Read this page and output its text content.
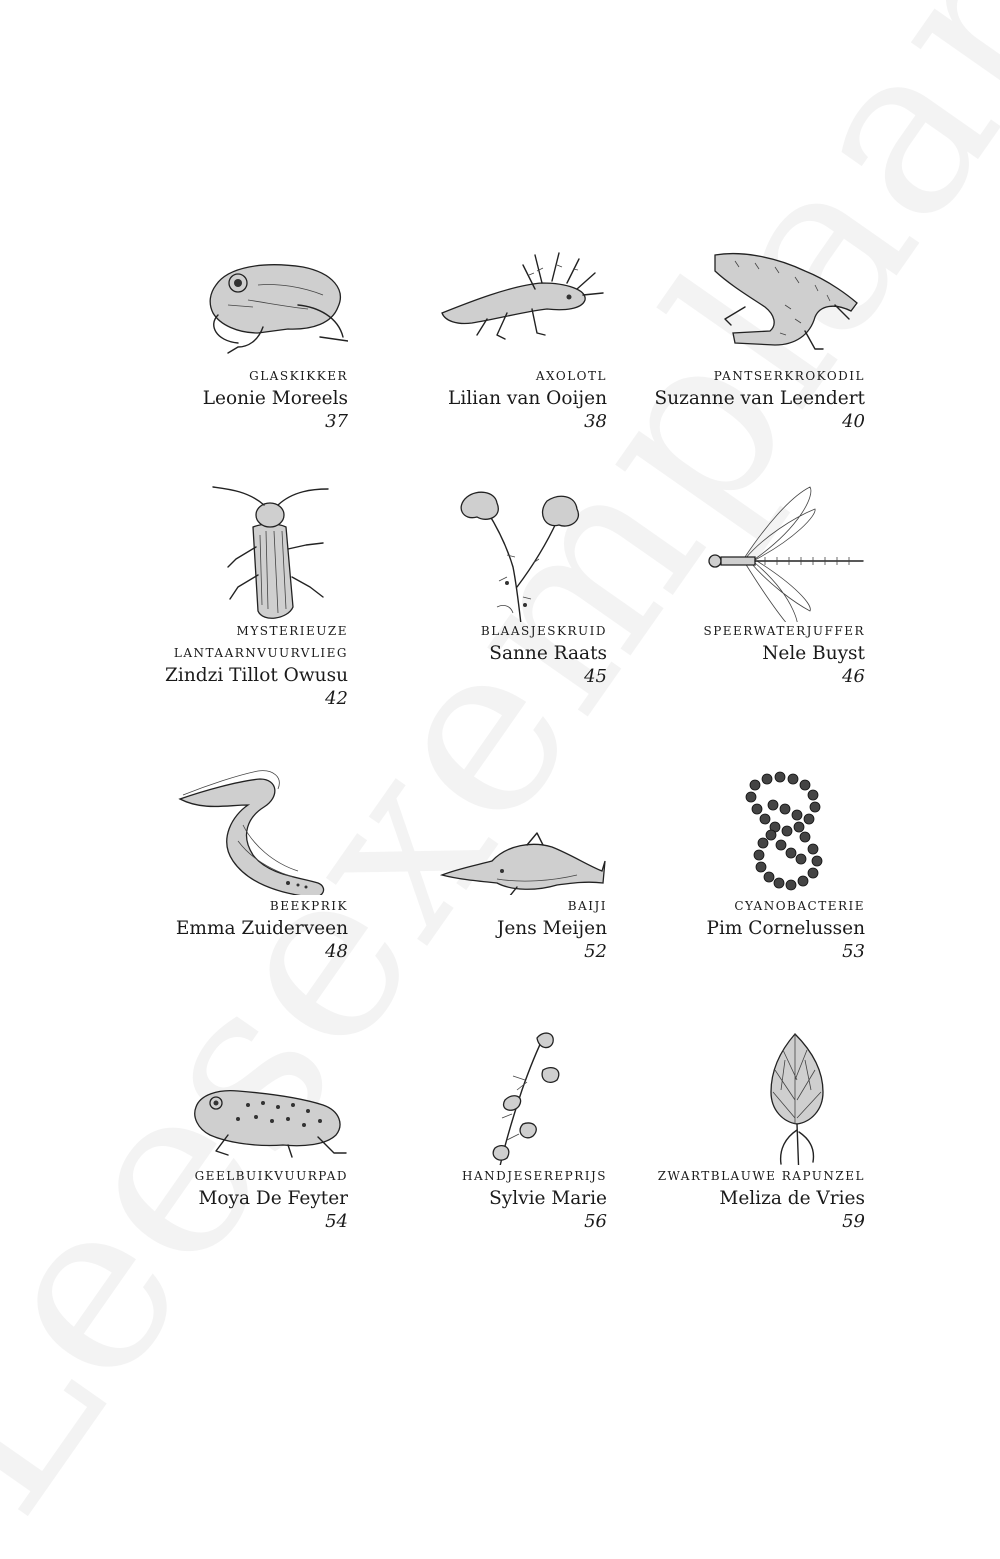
GLASKIKKER
Leonie Moreels
37
AXOLOTL
Lilian van Ooijen
38
PANTSERKROKODIL
Suzanne van Leendert
40
MYSTERIEUZE
LANTAARNVUURVLIEG
Zindzi Tillot Owusu
42
BLAASJESKRUID
Sanne Raats
45
SPEERWATERJUFFER
Nele Buyst
46
BEEKPRIK
Emma Zuiderveen
48
BAIJI
Jens Meijen
52
CYANOBACTERIE
Pim Cornelussen
53
GEELBUIKVUURPAD
Moya De Feyter
54
HANDJESEREPRIJS
Sylvie Marie
56
ZWARTBLAUWE RAPUNZEL
Meliza de Vries
59
